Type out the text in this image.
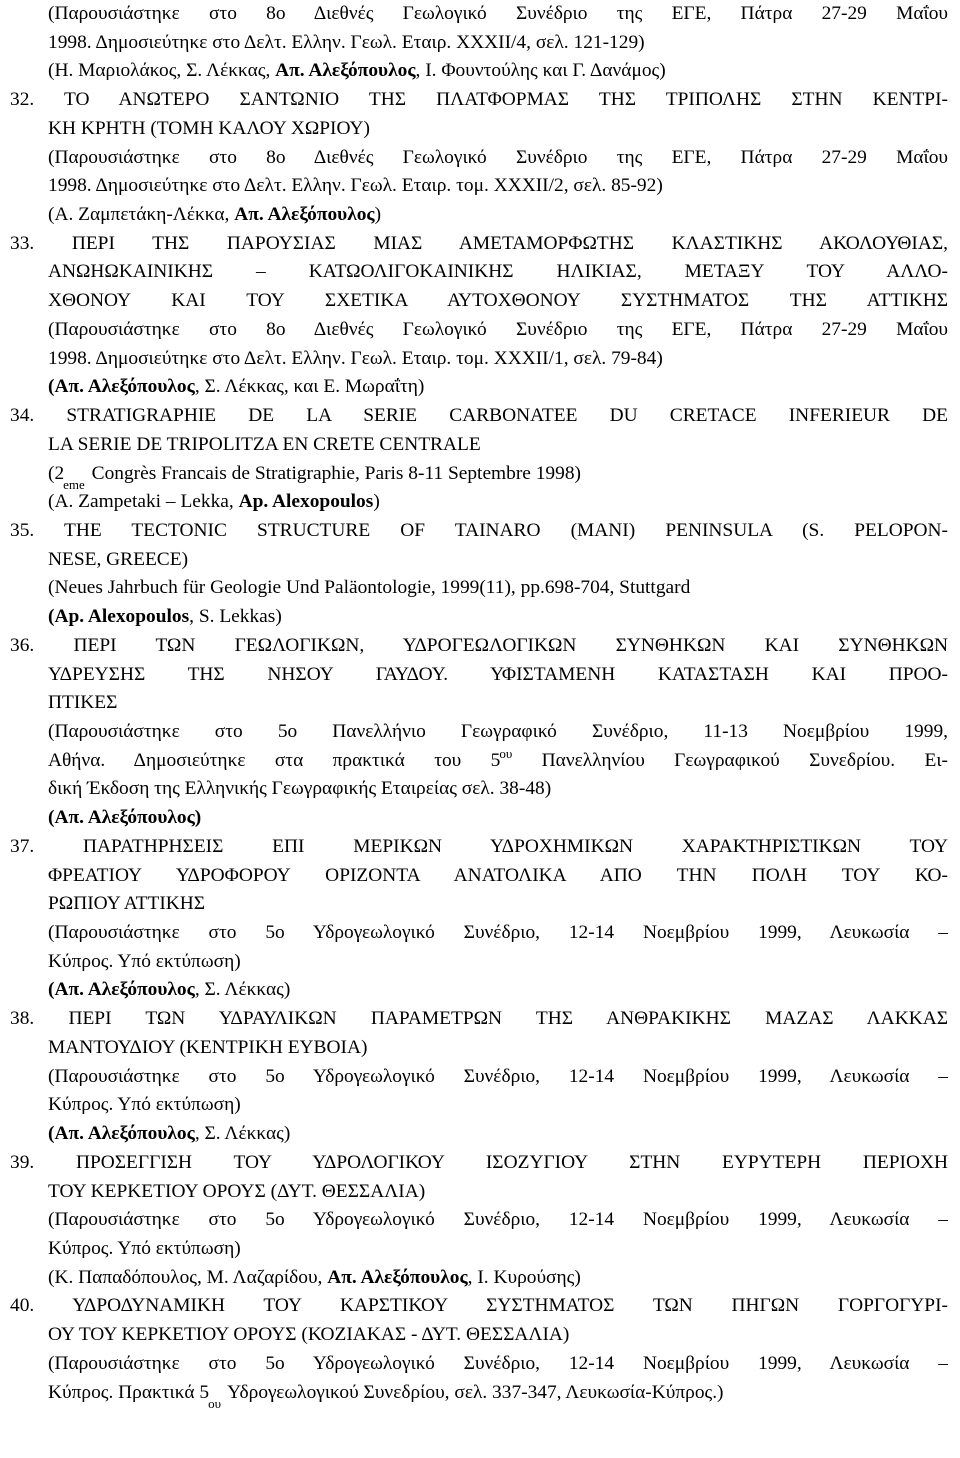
(Παρουσιάστηκε στο 8ο Διεθνές Γεωλογικό Συνέδριο της ΕΓΕ, Πάτρα 27-29 Μαΐου
1998. Δημοσιεύτηκε στο Δελτ. Ελλην. Γεωλ. Εταιρ. XXXII/4, σελ. 121-129)
(Η. Μαριολάκος, Σ. Λέκκας, Απ. Αλεξόπουλος, Ι. Φουντούλης και Γ. Δανάμος)
32. ΤΟ ΑΝΩΤΕΡΟ ΣΑΝΤΩΝΙΟ ΤΗΣ ΠΛΑΤΦΟΡΜΑΣ ΤΗΣ ΤΡΙΠΟΛΗΣ ΣΤΗΝ ΚΕΝΤΡΙ-
ΚΗ ΚΡΗΤΗ (ΤΟΜΗ ΚΑΛΟΥ ΧΩΡΙΟΥ)
(Παρουσιάστηκε στο 8ο Διεθνές Γεωλογικό Συνέδριο της ΕΓΕ, Πάτρα 27-29 Μαΐου
1998. Δημοσιεύτηκε στο Δελτ. Ελλην. Γεωλ. Εταιρ. τομ. XXXII/2, σελ. 85-92)
(Α. Ζαμπετάκη-Λέκκα, Απ. Αλεξόπουλος)
33. ΠΕΡΙ ΤΗΣ ΠΑΡΟΥΣΙΑΣ ΜΙΑΣ ΑΜΕΤΑΜΟΡΦΩΤΗΣ ΚΛΑΣΤΙΚΗΣ ΑΚΟΛΟΥΘΙΑΣ,
ΑΝΩΗΩΚΑΙΝΙΚΗΣ – ΚΑΤΩΟΛΙΓΟΚΑΙΝΙΚΗΣ ΗΛΙΚΙΑΣ, ΜΕΤΑΞΥ ΤΟΥ ΑΛΛΟ-
ΧΘΟΝΟΥ ΚΑΙ ΤΟΥ ΣΧΕΤΙΚΑ ΑΥΤΟΧΘΟΝΟΥ ΣΥΣΤΗΜΑΤΟΣ ΤΗΣ ΑΤΤΙΚΗΣ
(Παρουσιάστηκε στο 8ο Διεθνές Γεωλογικό Συνέδριο της ΕΓΕ, Πάτρα 27-29 Μαΐου
1998. Δημοσιεύτηκε στο Δελτ. Ελλην. Γεωλ. Εταιρ. τομ. XXXII/1, σελ. 79-84)
(Απ. Αλεξόπουλος, Σ. Λέκκας, και Ε. Μωραΐτη)
34. STRATIGRAPHIE DE LA SERIE CARBONATEE DU CRETACE INFERIEUR DE
LA SERIE DE TRIPOLITZA EN CRETE CENTRALE
($2_{eme}$ Congrès Francais de Stratigraphie, Paris 8-11 Septembre 1998)
(A. Zampetaki – Lekka, Ap. Alexopoulos)
35. THE TECTONIC STRUCTURE OF TAINARO (MANI) PENINSULA (S. PELOPON-
NESE, GREECE)
(Neues Jahrbuch für Geologie Und Paläontologie, 1999(11), pp.698-704, Stuttgard
(Ap. Alexopoulos, S. Lekkas)
36. ΠΕΡΙ ΤΩΝ ΓΕΩΛΟΓΙΚΩΝ, ΥΔΡΟΓΕΩΛΟΓΙΚΩΝ ΣΥΝΘΗΚΩΝ ΚΑΙ ΣΥΝΘΗΚΩΝ
ΥΔΡΕΥΣΗΣ ΤΗΣ ΝΗΣΟΥ ΓΑΥΔΟΥ. ΥΦΙΣΤΑΜΕΝΗ ΚΑΤΑΣΤΑΣΗ ΚΑΙ ΠΡΟΟ-
ΠΤΙΚΕΣ
(Παρουσιάστηκε στο 5ο Πανελλήνιο Γεωγραφικό Συνέδριο, 11-13 Νοεμβρίου 1999,
Αθήνα. Δημοσιεύτηκε στα πρακτικά του $5^{o\upsilon}$ Πανελληνίου Γεωγραφικού Συνεδρίου. Ει-
δική Έκδοση της Ελληνικής Γεωγραφικής Εταιρείας σελ. 38-48)
(Απ. Αλεξόπουλος)
37. ΠΑΡΑΤΗΡΗΣΕΙΣ ΕΠΙ ΜΕΡΙΚΩΝ ΥΔΡΟΧΗΜΙΚΩΝ ΧΑΡΑΚΤΗΡΙΣΤΙΚΩΝ ΤΟΥ
ΦΡΕΑΤΙΟΥ ΥΔΡΟΦΟΡΟΥ ΟΡΙΖΟΝΤΑ ΑΝΑΤΟΛΙΚΑ ΑΠΟ ΤΗΝ ΠΟΛΗ ΤΟΥ ΚΟ-
ΡΩΠΙΟΥ ΑΤΤΙΚΗΣ
(Παρουσιάστηκε στο 5ο Υδρογεωλογικό Συνέδριο, 12-14 Νοεμβρίου 1999, Λευκωσία –
Κύπρος. Υπό εκτύπωση)
(Απ. Αλεξόπουλος, Σ. Λέκκας)
38. ΠΕΡΙ ΤΩΝ ΥΔΡΑΥΛΙΚΩΝ ΠΑΡΑΜΕΤΡΩΝ ΤΗΣ ΑΝΘΡΑΚΙΚΗΣ ΜΑΖΑΣ ΛΑΚΚΑΣ
ΜΑΝΤΟΥΔΙΟΥ (ΚΕΝΤΡΙΚΗ ΕΥΒΟΙΑ)
(Παρουσιάστηκε στο 5ο Υδρογεωλογικό Συνέδριο, 12-14 Νοεμβρίου 1999, Λευκωσία –
Κύπρος. Υπό εκτύπωση)
(Απ. Αλεξόπουλος, Σ. Λέκκας)
39. ΠΡΟΣΕΓΓΙΣΗ ΤΟΥ ΥΔΡΟΛΟΓΙΚΟΥ ΙΣΟΖΥΓΙΟΥ ΣΤΗΝ ΕΥΡΥΤΕΡΗ ΠΕΡΙΟΧΗ
ΤΟΥ ΚΕΡΚΕΤΙΟΥ ΟΡΟΥΣ (ΔΥΤ. ΘΕΣΣΑΛΙΑ)
(Παρουσιάστηκε στο 5ο Υδρογεωλογικό Συνέδριο, 12-14 Νοεμβρίου 1999, Λευκωσία –
Κύπρος. Υπό εκτύπωση)
(Κ. Παπαδόπουλος, Μ. Λαζαρίδου, Απ. Αλεξόπουλος, Ι. Κυρούσης)
40. ΥΔΡΟΔΥΝΑΜΙΚΗ ΤΟΥ ΚΑΡΣΤΙΚΟΥ ΣΥΣΤΗΜΑΤΟΣ ΤΩΝ ΠΗΓΩΝ ΓΟΡΓΟΓΥΡΙ-
ΟΥ ΤΟΥ ΚΕΡΚΕΤΙΟΥ ΟΡΟΥΣ (ΚΟΖΙΑΚΑΣ - ΔΥΤ. ΘΕΣΣΑΛΙΑ)
(Παρουσιάστηκε στο 5ο Υδρογεωλογικό Συνέδριο, 12-14 Νοεμβρίου 1999, Λευκωσία –
Κύπρος. Πρακτικά $5_{o\upsilon}$ Υδρογεωλογικού Συνεδρίου, σελ. 337-347, Λευκωσία-Κύπρος.)
